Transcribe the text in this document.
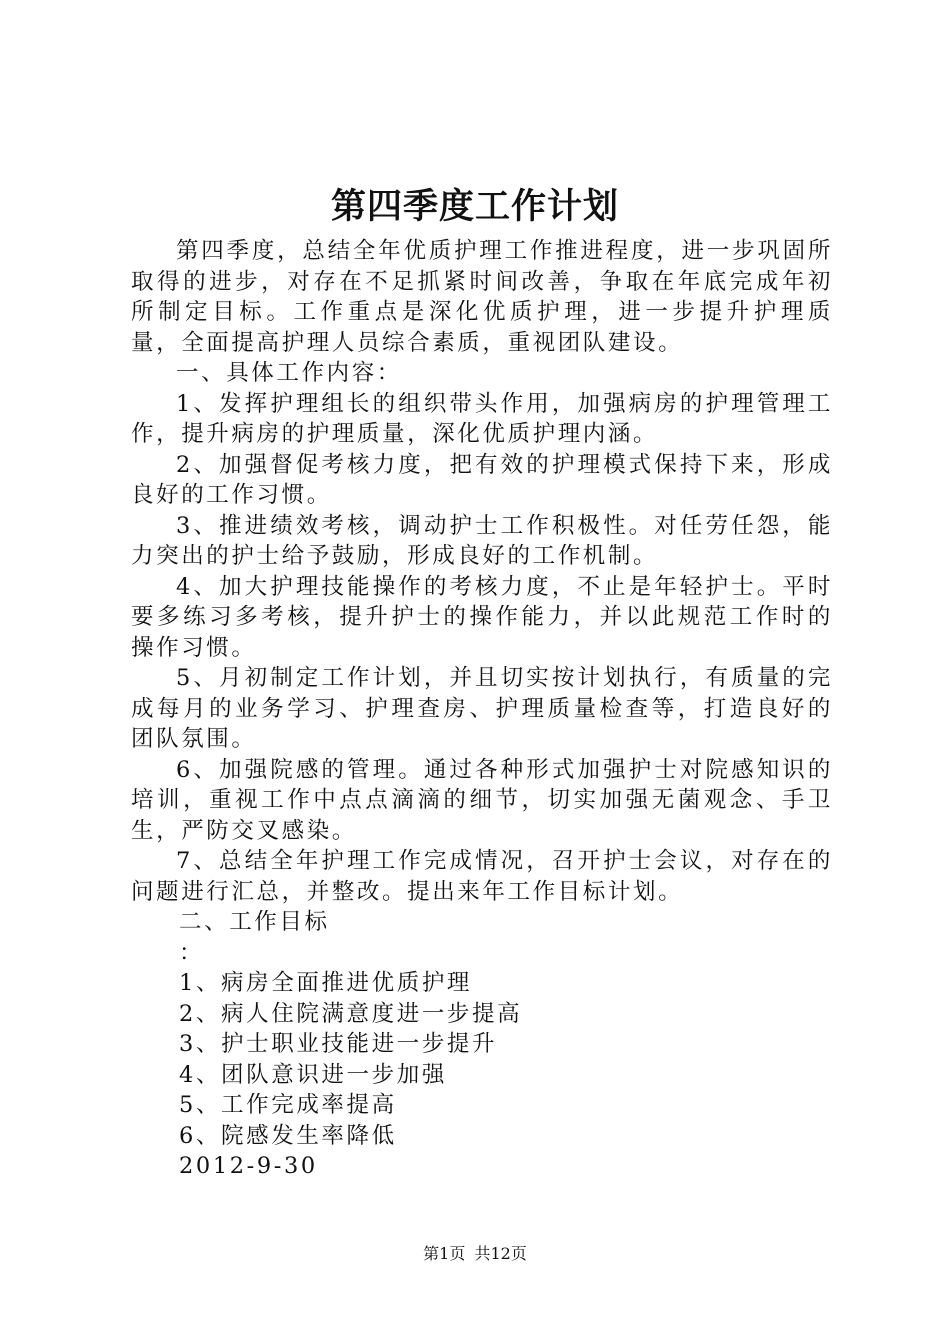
第四季度工作计划

第四季度，总结全年优质护理工作推进程度，进一步巩固所取得的进步，对存在不足抓紧时间改善，争取在年底完成年初所制定目标。工作重点是深化优质护理，进一步提升护理质量，全面提高护理人员综合素质，重视团队建设。

一、具体工作内容：

1、发挥护理组长的组织带头作用，加强病房的护理管理工作，提升病房的护理质量，深化优质护理内涵。

2、加强督促考核力度，把有效的护理模式保持下来，形成良好的工作习惯。

3、推进绩效考核，调动护士工作积极性。对任劳任怨，能力突出的护士给予鼓励，形成良好的工作机制。

4、加大护理技能操作的考核力度，不止是年轻护士。平时要多练习多考核，提升护士的操作能力，并以此规范工作时的操作习惯。

5、月初制定工作计划，并且切实按计划执行，有质量的完成每月的业务学习、护理查房、护理质量检查等，打造良好的团队氛围。

6、加强院感的管理。通过各种形式加强护士对院感知识的培训，重视工作中点点滴滴的细节，切实加强无菌观念、手卫生，严防交叉感染。

7、总结全年护理工作完成情况，召开护士会议，对存在的问题进行汇总，并整改。提出来年工作目标计划。

二、工作目标

：

1、病房全面推进优质护理

2、病人住院满意度进一步提高

3、护士职业技能进一步提升

4、团队意识进一步加强

5、工作完成率提高

6、院感发生率降低

2012-9-30

第1页 共12页
